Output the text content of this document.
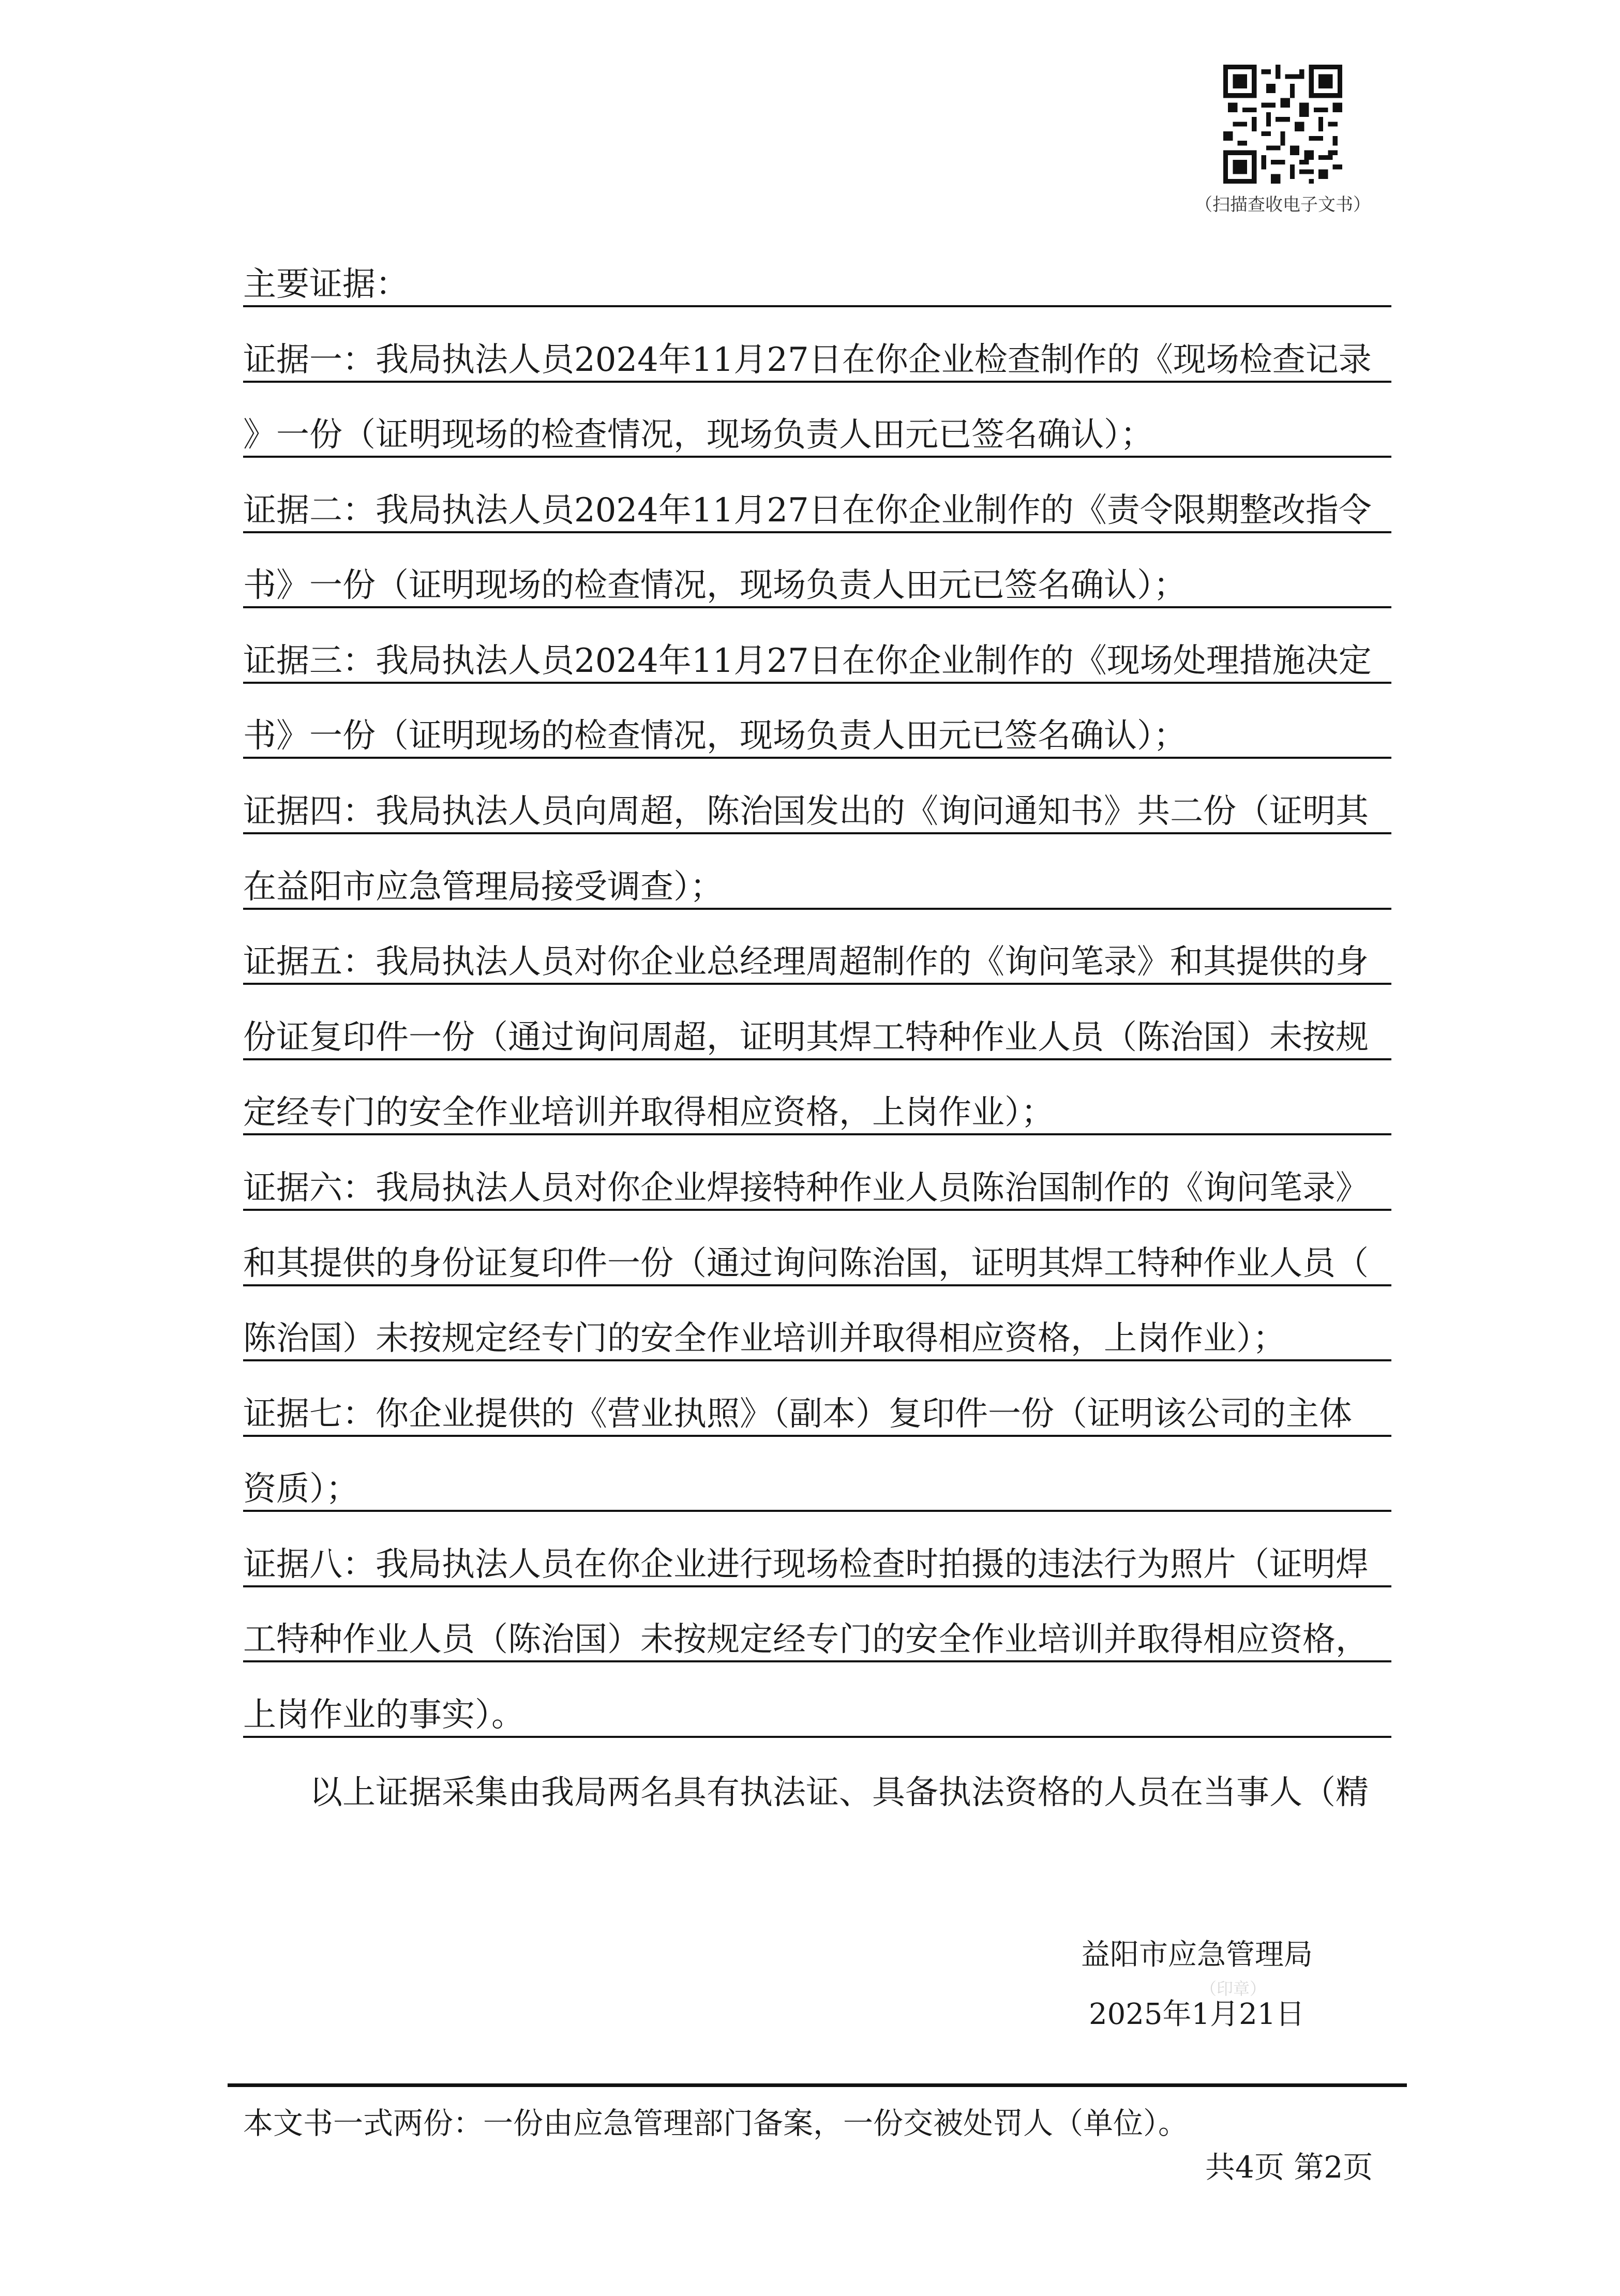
（扫描查收电子文书）
主要证据：
证据一：我局执法人员2024年11月27日在你企业检查制作的《现场检查记录
》一份（证明现场的检查情况，现场负责人田元已签名确认）；
证据二：我局执法人员2024年11月27日在你企业制作的《责令限期整改指令
书》一份（证明现场的检查情况，现场负责人田元已签名确认）；
证据三：我局执法人员2024年11月27日在你企业制作的《现场处理措施决定
书》一份（证明现场的检查情况，现场负责人田元已签名确认）；
证据四：我局执法人员向周超，陈治国发出的《询问通知书》共二份（证明其
在益阳市应急管理局接受调查）；
证据五：我局执法人员对你企业总经理周超制作的《询问笔录》和其提供的身
份证复印件一份（通过询问周超，证明其焊工特种作业人员（陈治国）未按规
定经专门的安全作业培训并取得相应资格，上岗作业）；
证据六：我局执法人员对你企业焊接特种作业人员陈治国制作的《询问笔录》
和其提供的身份证复印件一份（通过询问陈治国，证明其焊工特种作业人员（
陈治国）未按规定经专门的安全作业培训并取得相应资格，上岗作业）；
证据七：你企业提供的《营业执照》（副本）复印件一份（证明该公司的主体
资质）；
证据八：我局执法人员在你企业进行现场检查时拍摄的违法行为照片（证明焊
工特种作业人员（陈治国）未按规定经专门的安全作业培训并取得相应资格，
上岗作业的事实）。
　　以上证据采集由我局两名具有执法证、具备执法资格的人员在当事人（精
益阳市应急管理局
（印章）
2025年1月21日
本文书一式两份：一份由应急管理部门备案，一份交被处罚人（单位）。
共4页 第2页
